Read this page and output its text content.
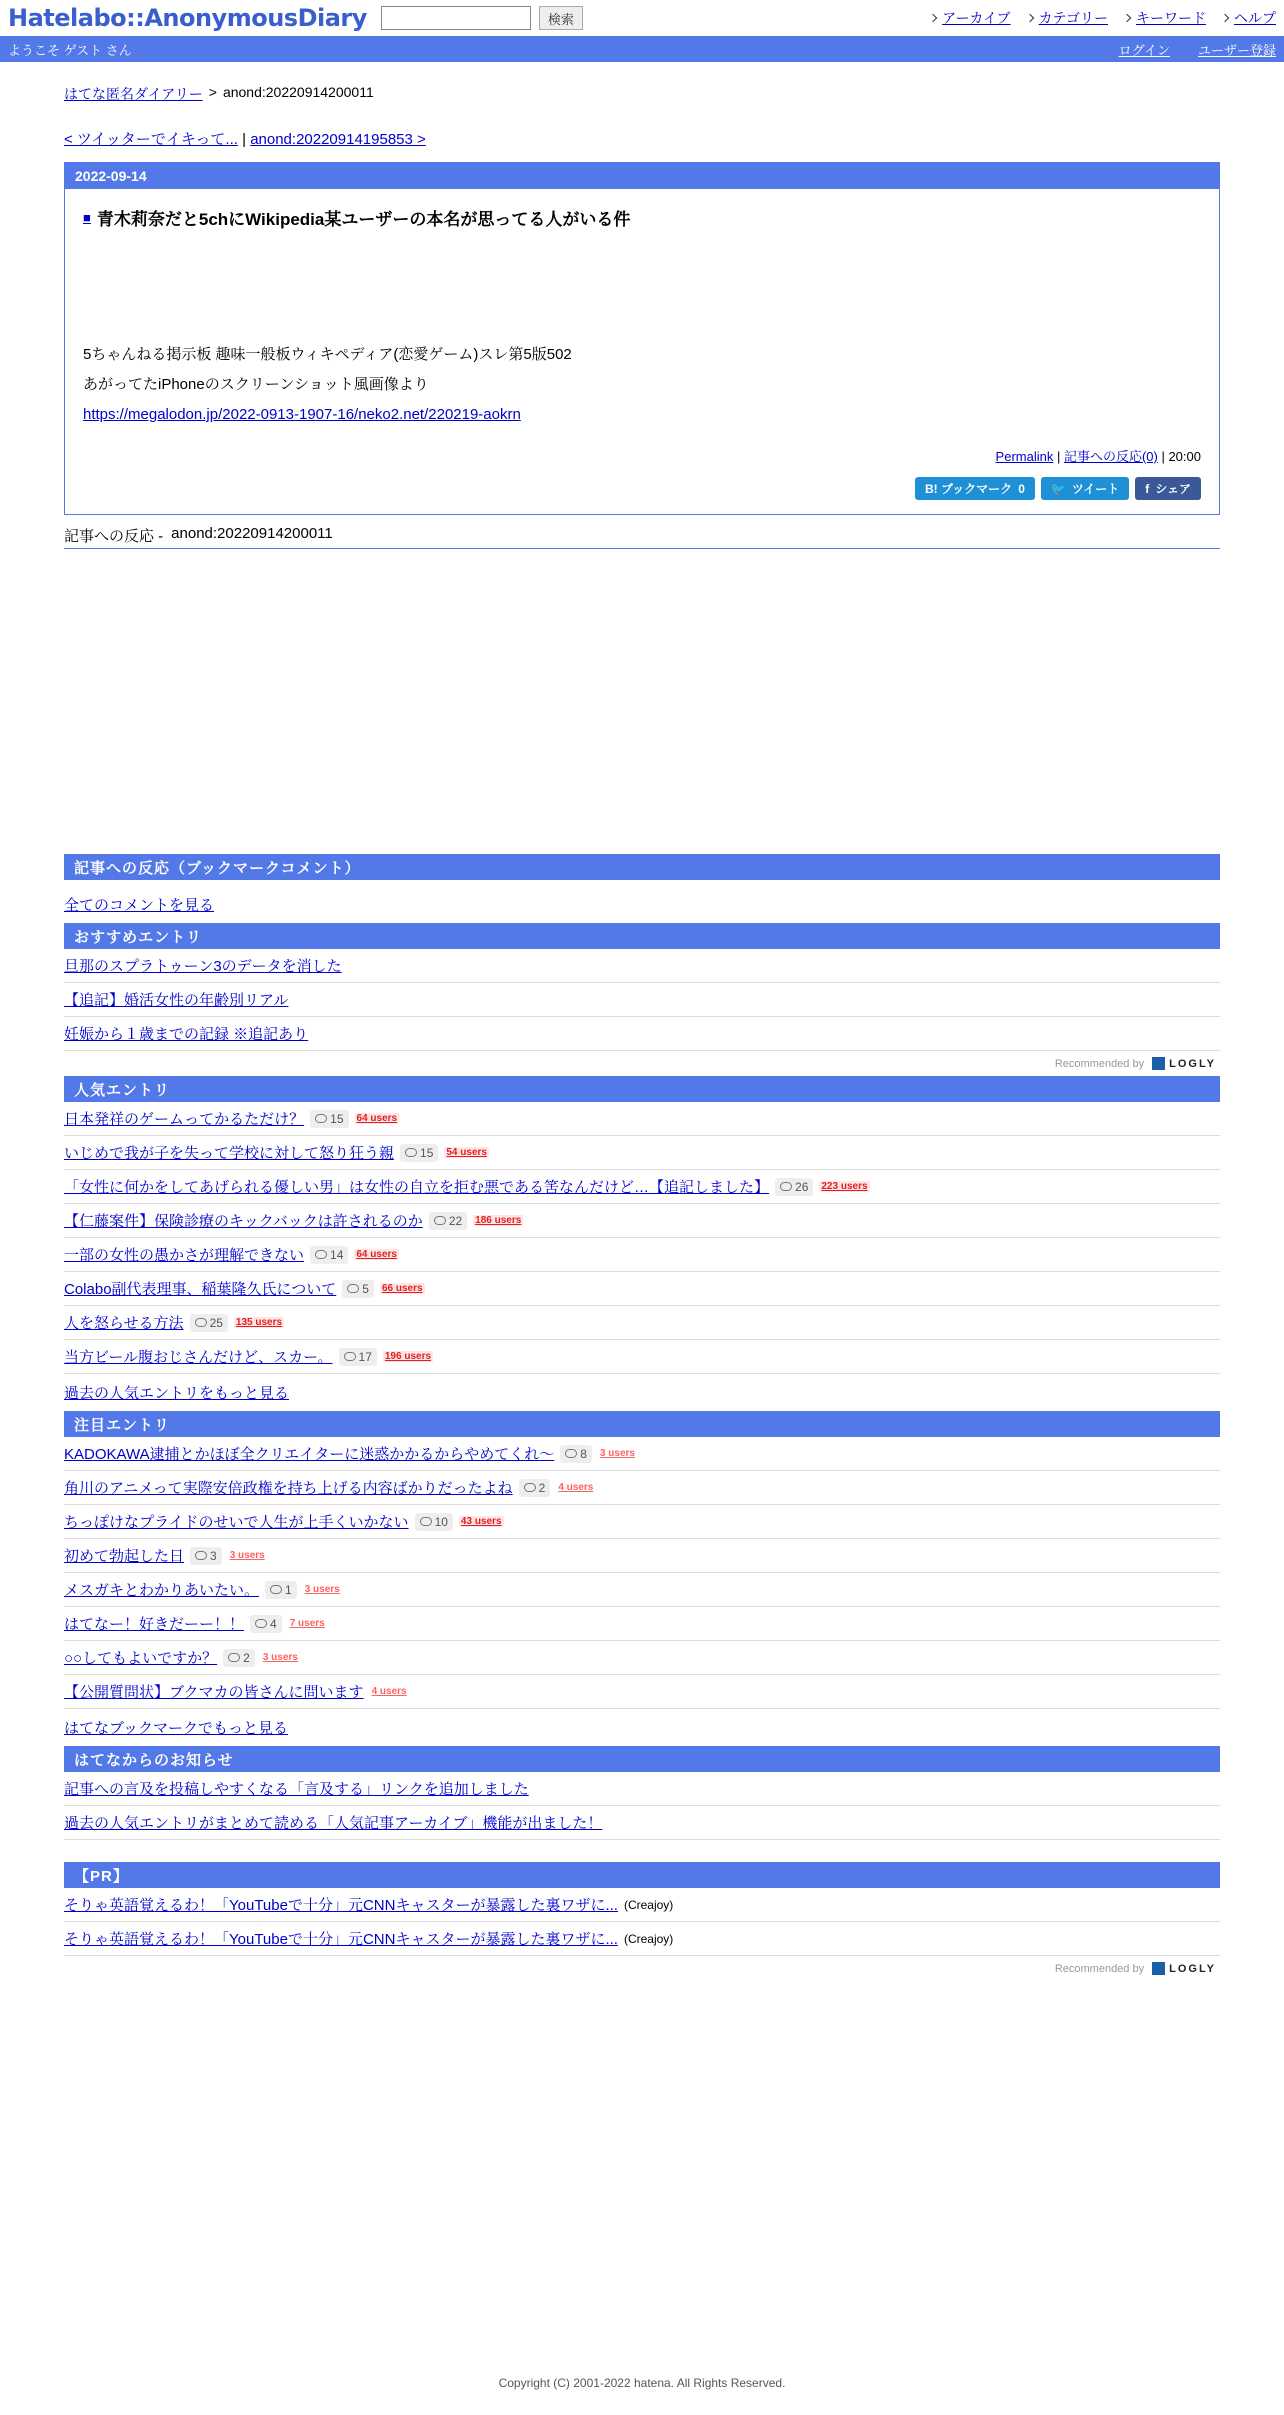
Hatelabo::AnonymousDiary	検索	アーカイブ カテゴリー キーワード ヘルプ
ようこそ ゲスト さん	ログイン ユーザー登録
はてな匿名ダイアリー > anond:20220914200011
< ツイッターでイキって... | anond:20220914195853 >
2022-09-14
■ 青木莉奈だと5chにWikipedia某ユーザーの本名が思ってる人がいる件
5ちゃんねる掲示板 趣味一般板ウィキペディア(恋愛ゲーム)スレ第5版502
あがってたiPhoneのスクリーンショット風画像より
https://megalodon.jp/2022-0913-1907-16/neko2.net/220219-aokrn
Permalink | 記事への反応(0) | 20:00
B! ブックマーク 0 🐦 ツイート f シェア
記事への反応 - anond:20220914200011
記事への反応（ブックマークコメント）
全てのコメントを見る
おすすめエントリ
旦那のスプラトゥーン3のデータを消した
【追記】婚活女性の年齢別リアル
妊娠から１歳までの記録 ※追記あり
Recommended by LOGLY
人気エントリ
日本発祥のゲームってかるただけ？ 15 64 users
いじめで我が子を失って学校に対して怒り狂う親 15 54 users
「女性に何かをしてあげられる優しい男」は女性の自立を拒む悪である筈なんだけど…【追記しました】 26 223 users
【仁藤案件】保険診療のキックバックは許されるのか 22 186 users
一部の女性の愚かさが理解できない 14 64 users
Colabo副代表理事、稲葉隆久氏について 5 66 users
人を怒らせる方法 25 135 users
当方ビール腹おじさんだけど、スカー。 17 196 users
過去の人気エントリをもっと見る
注目エントリ
KADOKAWA逮捕とかほぼ全クリエイターに迷惑かかるからやめてくれ〜 8 3 users
角川のアニメって実際安倍政権を持ち上げる内容ばかりだったよね 2 4 users
ちっぽけなプライドのせいで人生が上手くいかない 10 43 users
初めて勃起した日 3 3 users
メスガキとわかりあいたい。 1 3 users
はてなー！好きだーー！！ 4 7 users
○○してもよいですか？ 2 3 users
【公開質問状】ブクマカの皆さんに問います 4 users
はてなブックマークでもっと見る
はてなからのお知らせ
記事への言及を投稿しやすくなる「言及する」リンクを追加しました
過去の人気エントリがまとめて読める「人気記事アーカイブ」機能が出ました！
【PR】
そりゃ英語覚えるわ！「YouTubeで十分」元CNNキャスターが暴露した裏ワザに... (Creajoy)
そりゃ英語覚えるわ！「YouTubeで十分」元CNNキャスターが暴露した裏ワザに... (Creajoy)
Recommended by LOGLY
Copyright (C) 2001-2022 hatena. All Rights Reserved.
